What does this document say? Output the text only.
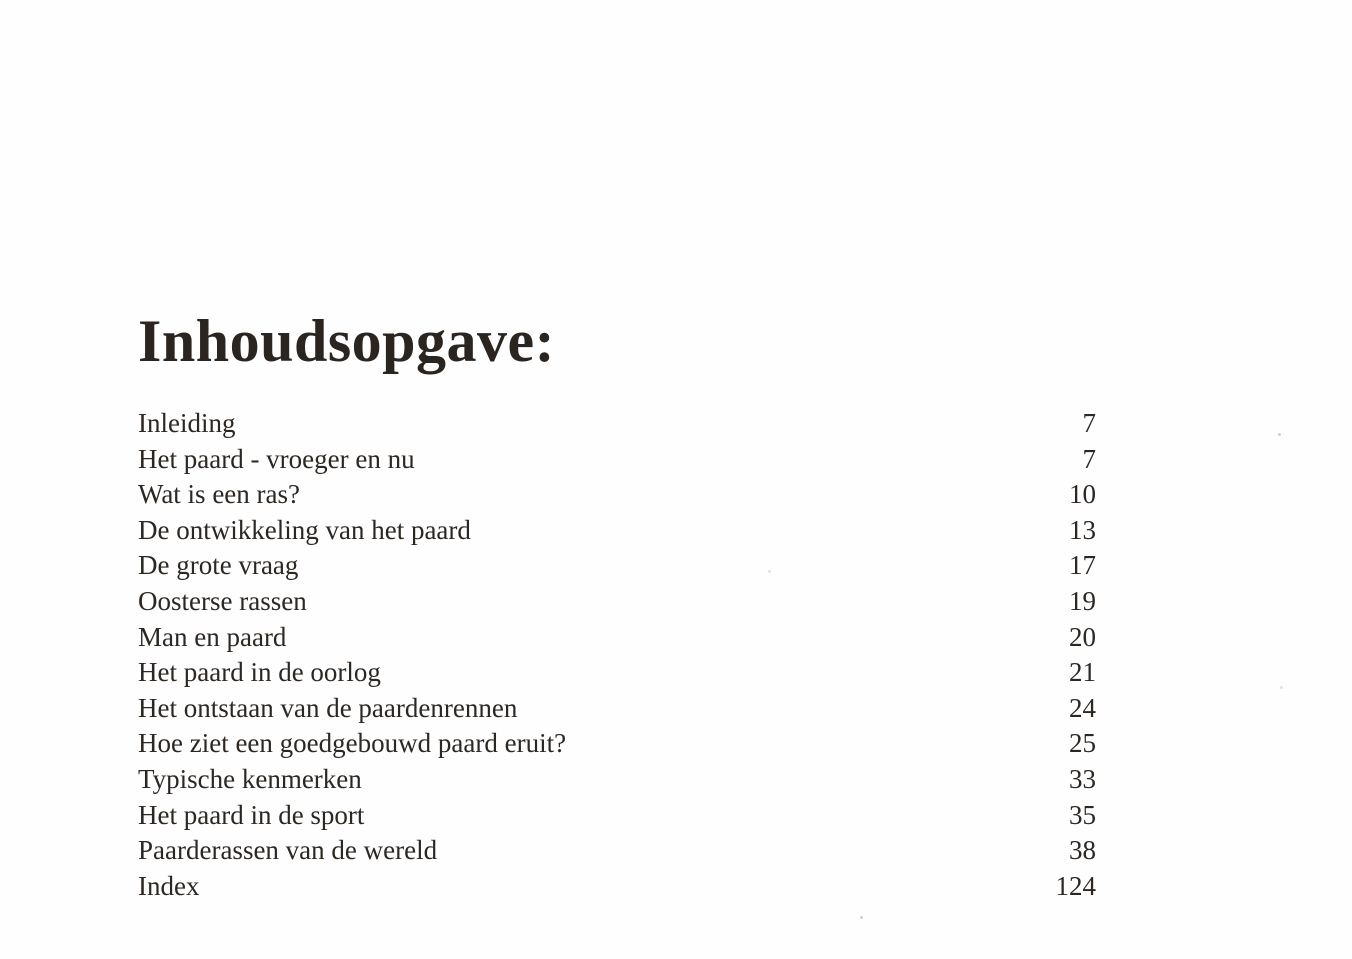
Inhoudsopgave:
Inleiding	7
Het paard - vroeger en nu	7
Wat is een ras?	10
De ontwikkeling van het paard	13
De grote vraag	17
Oosterse rassen	19
Man en paard	20
Het paard in de oorlog	21
Het ontstaan van de paardenrennen	24
Hoe ziet een goedgebouwd paard eruit?	25
Typische kenmerken	33
Het paard in de sport	35
Paarderassen van de wereld	38
Index	124
